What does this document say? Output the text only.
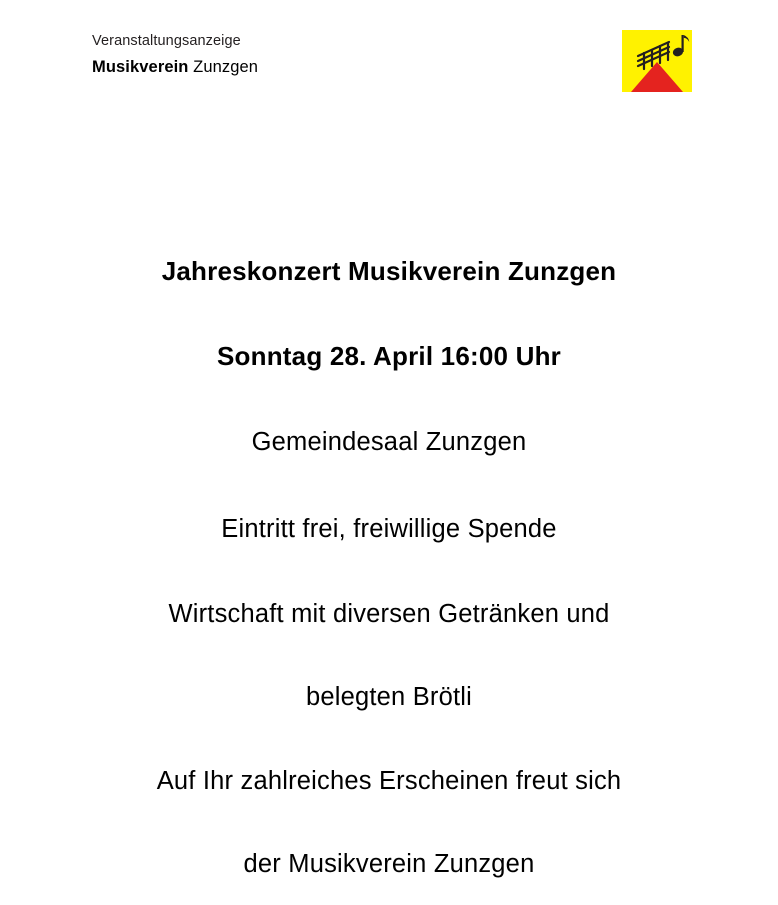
Veranstaltungsanzeige
Musikverein Zunzgen

Jahreskonzert Musikverein Zunzgen

Sonntag 28. April 16:00 Uhr

Gemeindesaal Zunzgen

Eintritt frei, freiwillige Spende

Wirtschaft mit diversen Getränken und

belegten Brötli

Auf Ihr zahlreiches Erscheinen freut sich

der Musikverein Zunzgen
